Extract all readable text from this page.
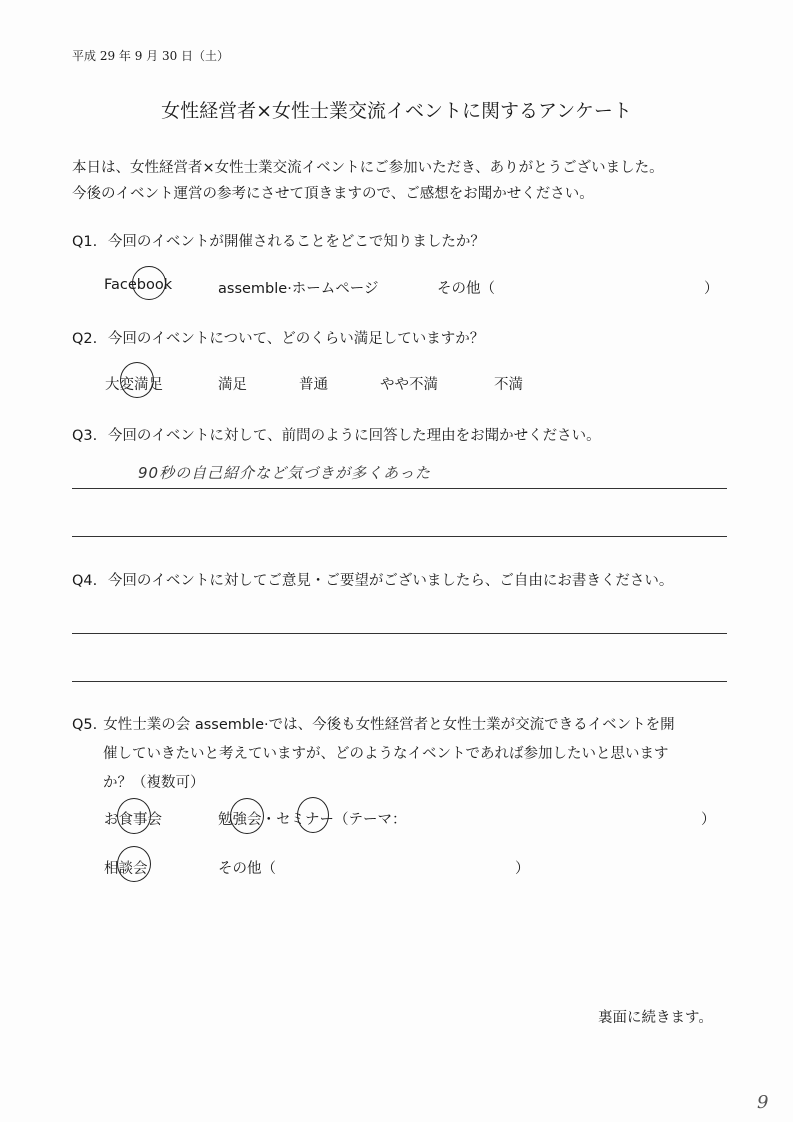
平成 29 年 9 月 30 日（土）
女性経営者×女性士業交流イベントに関するアンケート
本日は、女性経営者×女性士業交流イベントにご参加いただき、ありがとうございました。
今後のイベント運営の参考にさせて頂きますので、ご感想をお聞かせください。
Q1. 今回のイベントが開催されることをどこで知りましたか？
Facebook	assemble·ホームページ	その他（	）
Q2. 今回のイベントについて、どのくらい満足していますか？
大変満足	満足	普通	やや不満	不満
Q3. 今回のイベントに対して、前問のように回答した理由をお聞かせください。
90秒の自己紹介など気づきが多くあった
Q4. 今回のイベントに対してご意見・ご要望がございましたら、ご自由にお書きください。
Q5. 女性士業の会 assemble·では、今後も女性経営者と女性士業が交流できるイベントを開
催していきたいと考えていますが、どのようなイベントであれば参加したいと思います
か？（複数可）
お食事会	勉強会・セミナー（テーマ：	）
相談会	その他（	）
裏面に続きます。
9
